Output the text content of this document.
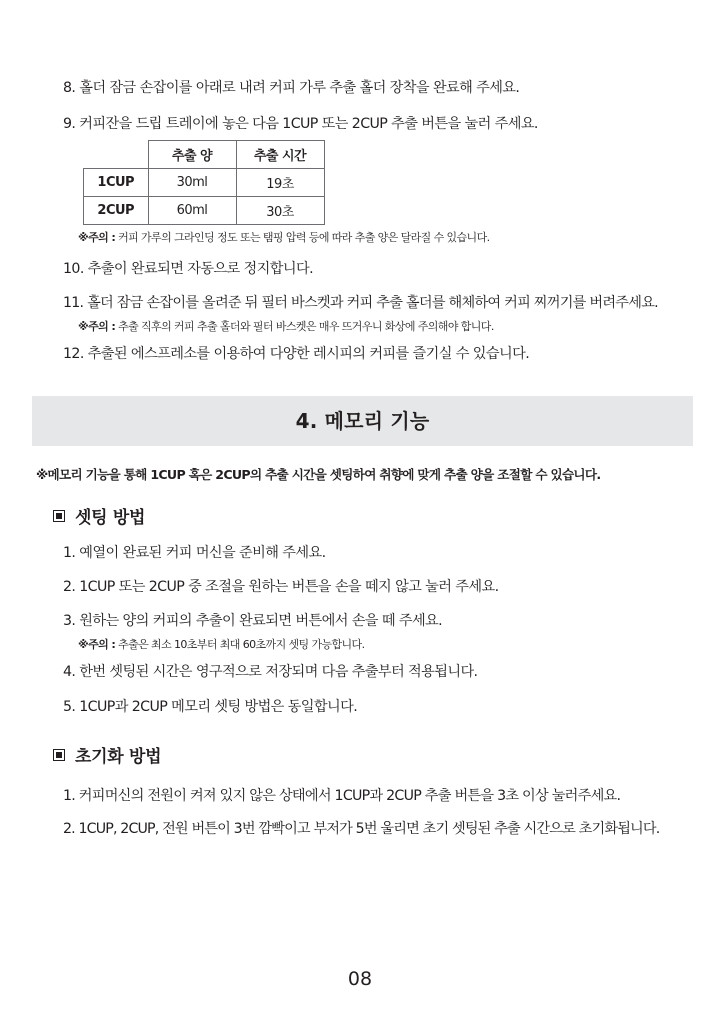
8. 홀더 잠금 손잡이를 아래로 내려 커피 가루 추출 홀더 장착을 완료해 주세요.
9. 커피잔을 드립 트레이에 놓은 다음 1CUP 또는 2CUP 추출 버튼을 눌러 주세요.
	추출 양	추출 시간
1CUP	30ml	19초
2CUP	60ml	30초
※주의 : 커피 가루의 그라인딩 정도 또는 탬핑 압력 등에 따라 추출 양은 달라질 수 있습니다.
10. 추출이 완료되면 자동으로 정지합니다.
11. 홀더 잠금 손잡이를 올려준 뒤 필터 바스켓과 커피 추출 홀더를 해체하여 커피 찌꺼기를 버려주세요.
※주의 : 추출 직후의 커피 추출 홀더와 필터 바스켓은 매우 뜨거우니 화상에 주의해야 합니다.
12. 추출된 에스프레소를 이용하여 다양한 레시피의 커피를 즐기실 수 있습니다.
4. 메모리 기능
※메모리 기능을 통해 1CUP 혹은 2CUP의 추출 시간을 셋팅하여 취향에 맞게 추출 양을 조절할 수 있습니다.
셋팅 방법
1. 예열이 완료된 커피 머신을 준비해 주세요.
2. 1CUP 또는 2CUP 중 조절을 원하는 버튼을 손을 떼지 않고 눌러 주세요.
3. 원하는 양의 커피의 추출이 완료되면 버튼에서 손을 떼 주세요.
※주의 : 추출은 최소 10초부터 최대 60초까지 셋팅 가능합니다.
4. 한번 셋팅된 시간은 영구적으로 저장되며 다음 추출부터 적용됩니다.
5. 1CUP과 2CUP 메모리 셋팅 방법은 동일합니다.
초기화 방법
1. 커피머신의 전원이 켜져 있지 않은 상태에서 1CUP과 2CUP 추출 버튼을 3초 이상 눌러주세요.
2. 1CUP, 2CUP, 전원 버튼이 3번 깜빡이고 부저가 5번 울리면 초기 셋팅된 추출 시간으로 초기화됩니다.
08
